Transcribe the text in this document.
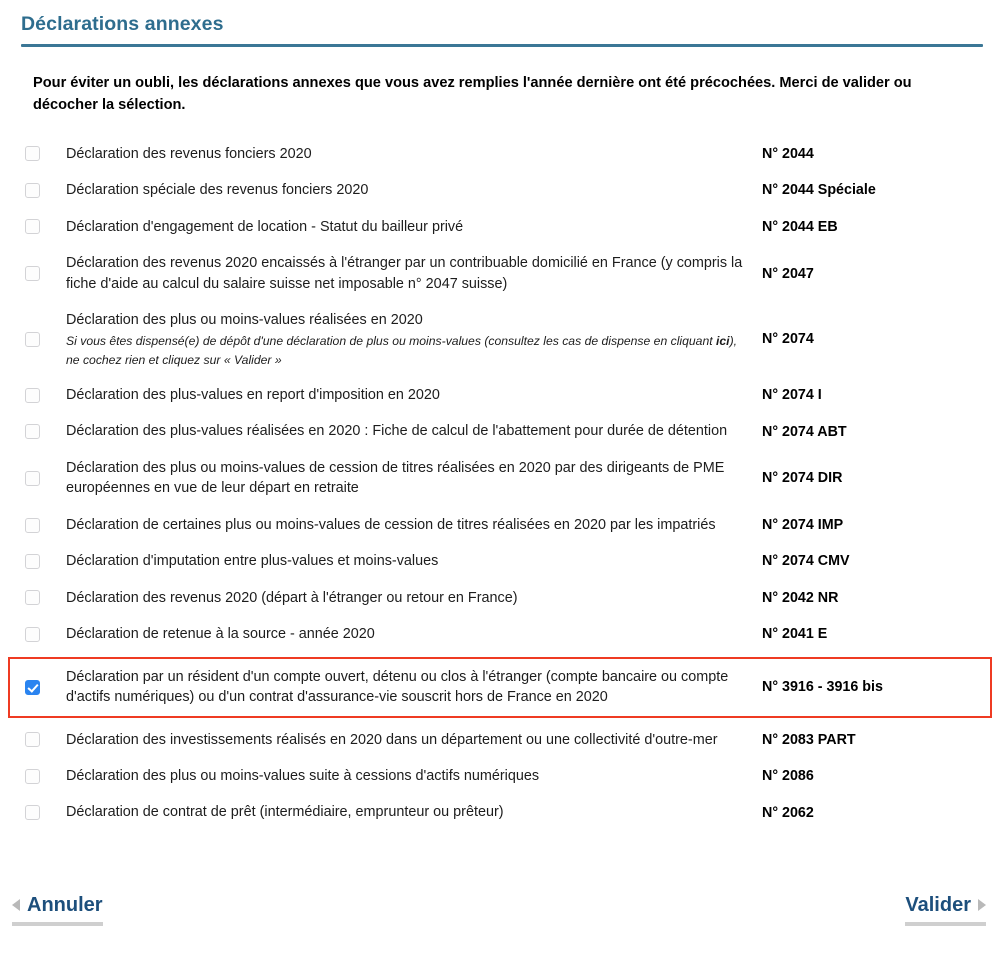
Déclarations annexes

Pour éviter un oubli, les déclarations annexes que vous avez remplies l'année dernière ont été précochées. Merci de valider ou décocher la sélection.

Déclaration des revenus fonciers 2020	N° 2044
Déclaration spéciale des revenus fonciers 2020	N° 2044 Spéciale
Déclaration d'engagement de location - Statut du bailleur privé	N° 2044 EB
Déclaration des revenus 2020 encaissés à l'étranger par un contribuable domicilié en France (y compris la fiche d'aide au calcul du salaire suisse net imposable n° 2047 suisse)
N° 2047
Déclaration des plus ou moins-values réalisées en 2020
Si vous êtes dispensé(e) de dépôt d'une déclaration de plus ou moins-values (consultez les cas de dispense en cliquant ici), ne cochez rien et cliquez sur « Valider »
N° 2074
Déclaration des plus-values en report d'imposition en 2020	N° 2074 I
Déclaration des plus-values réalisées en 2020 : Fiche de calcul de l'abattement pour durée de détention	N° 2074 ABT
Déclaration des plus ou moins-values de cession de titres réalisées en 2020 par des dirigeants de PME européennes en vue de leur départ en retraite
N° 2074 DIR
Déclaration de certaines plus ou moins-values de cession de titres réalisées en 2020 par les impatriés	N° 2074 IMP
Déclaration d'imputation entre plus-values et moins-values	N° 2074 CMV
Déclaration des revenus 2020 (départ à l'étranger ou retour en France)	N° 2042 NR
Déclaration de retenue à la source - année 2020	N° 2041 E
Déclaration par un résident d'un compte ouvert, détenu ou clos à l'étranger (compte bancaire ou compte d'actifs numériques) ou d'un contrat d'assurance-vie souscrit hors de France en 2020
N° 3916 - 3916 bis
Déclaration des investissements réalisés en 2020 dans un département ou une collectivité d'outre-mer	N° 2083 PART
Déclaration des plus ou moins-values suite à cessions d'actifs numériques	N° 2086
Déclaration de contrat de prêt (intermédiaire, emprunteur ou prêteur)	N° 2062
Annuler	Valider
